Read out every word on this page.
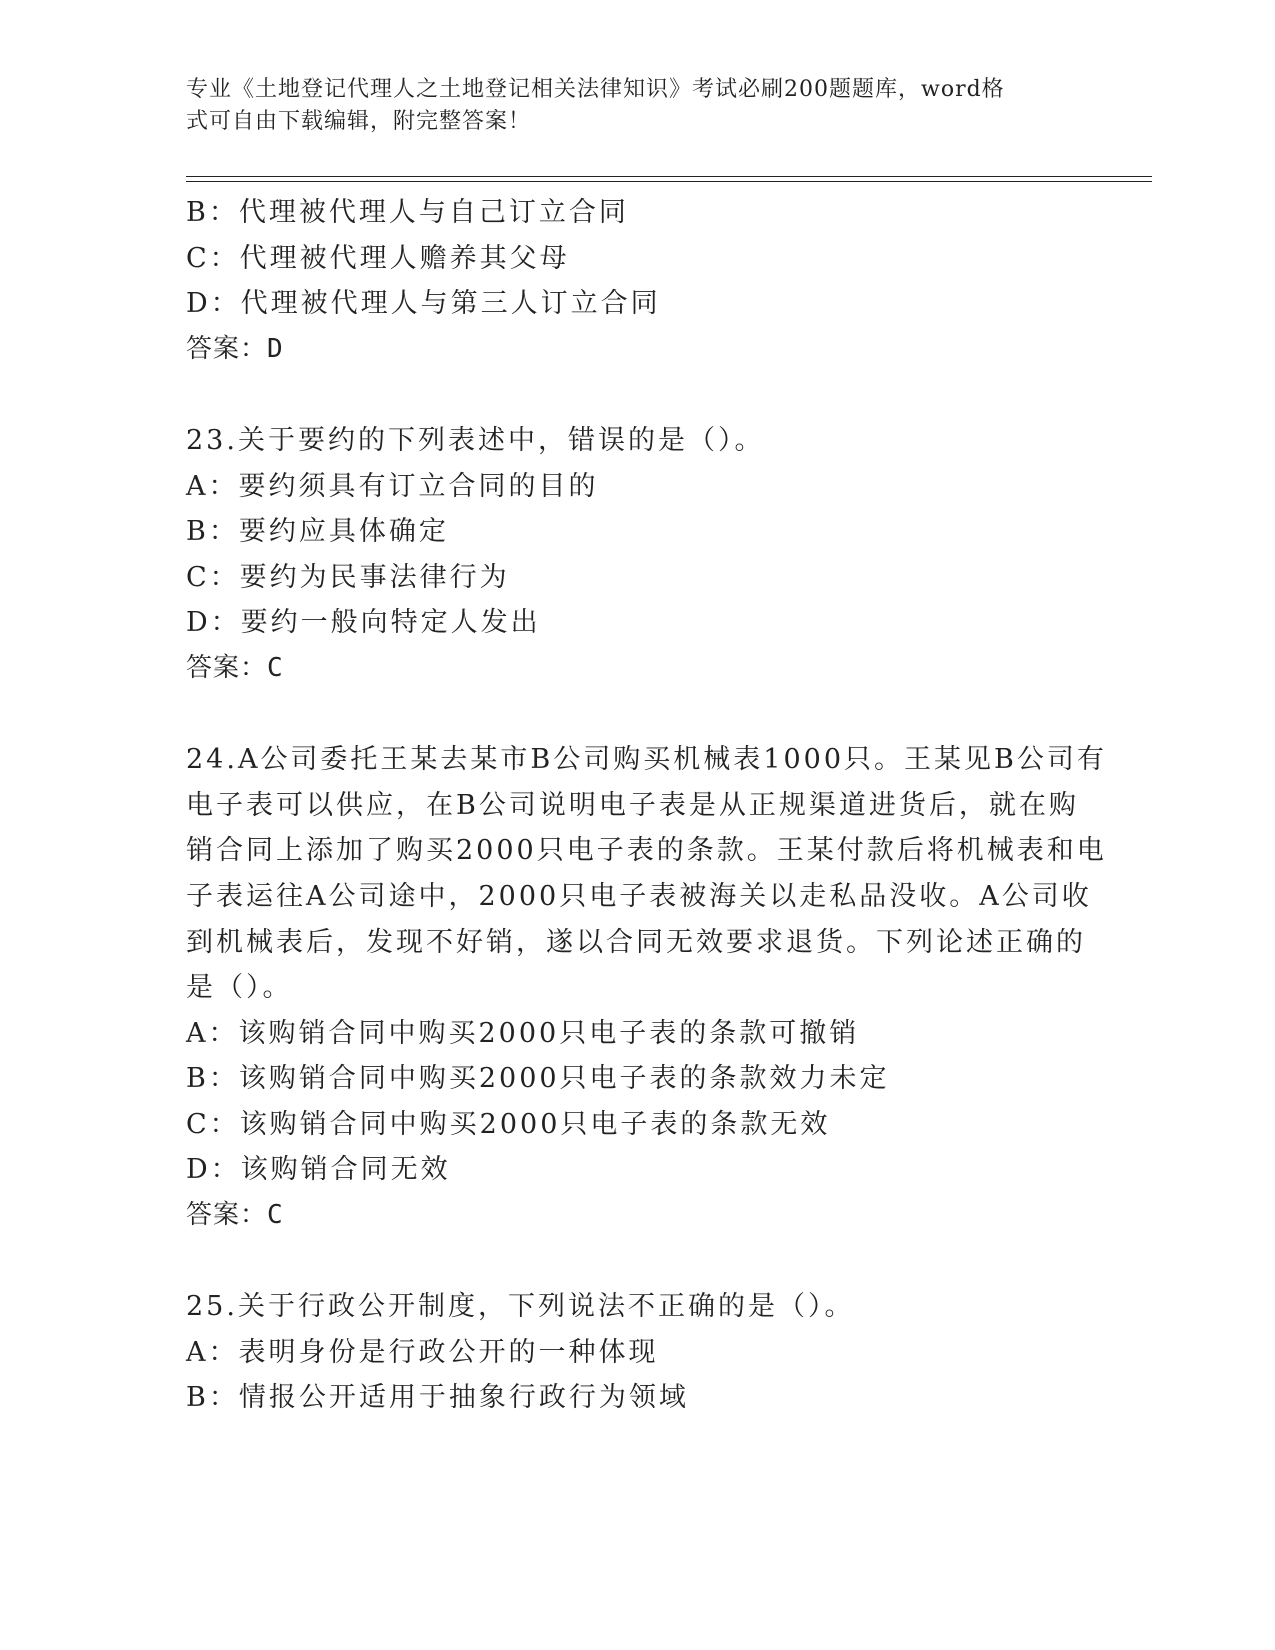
专业《土地登记代理人之土地登记相关法律知识》考试必刷200题题库，word格
式可自由下载编辑，附完整答案！
B：代理被代理人与自己订立合同
C：代理被代理人赡养其父母
D：代理被代理人与第三人订立合同
答案：D
23.关于要约的下列表述中，错误的是（）。
A：要约须具有订立合同的目的
B：要约应具体确定
C：要约为民事法律行为
D：要约一般向特定人发出
答案：C
24.A公司委托王某去某市B公司购买机械表1000只。王某见B公司有
电子表可以供应，在B公司说明电子表是从正规渠道进货后，就在购
销合同上添加了购买2000只电子表的条款。王某付款后将机械表和电
子表运往A公司途中，2000只电子表被海关以走私品没收。A公司收
到机械表后，发现不好销，遂以合同无效要求退货。下列论述正确的
是（）。
A：该购销合同中购买2000只电子表的条款可撤销
B：该购销合同中购买2000只电子表的条款效力未定
C：该购销合同中购买2000只电子表的条款无效
D：该购销合同无效
答案：C
25.关于行政公开制度，下列说法不正确的是（）。
A：表明身份是行政公开的一种体现
B：情报公开适用于抽象行政行为领域
